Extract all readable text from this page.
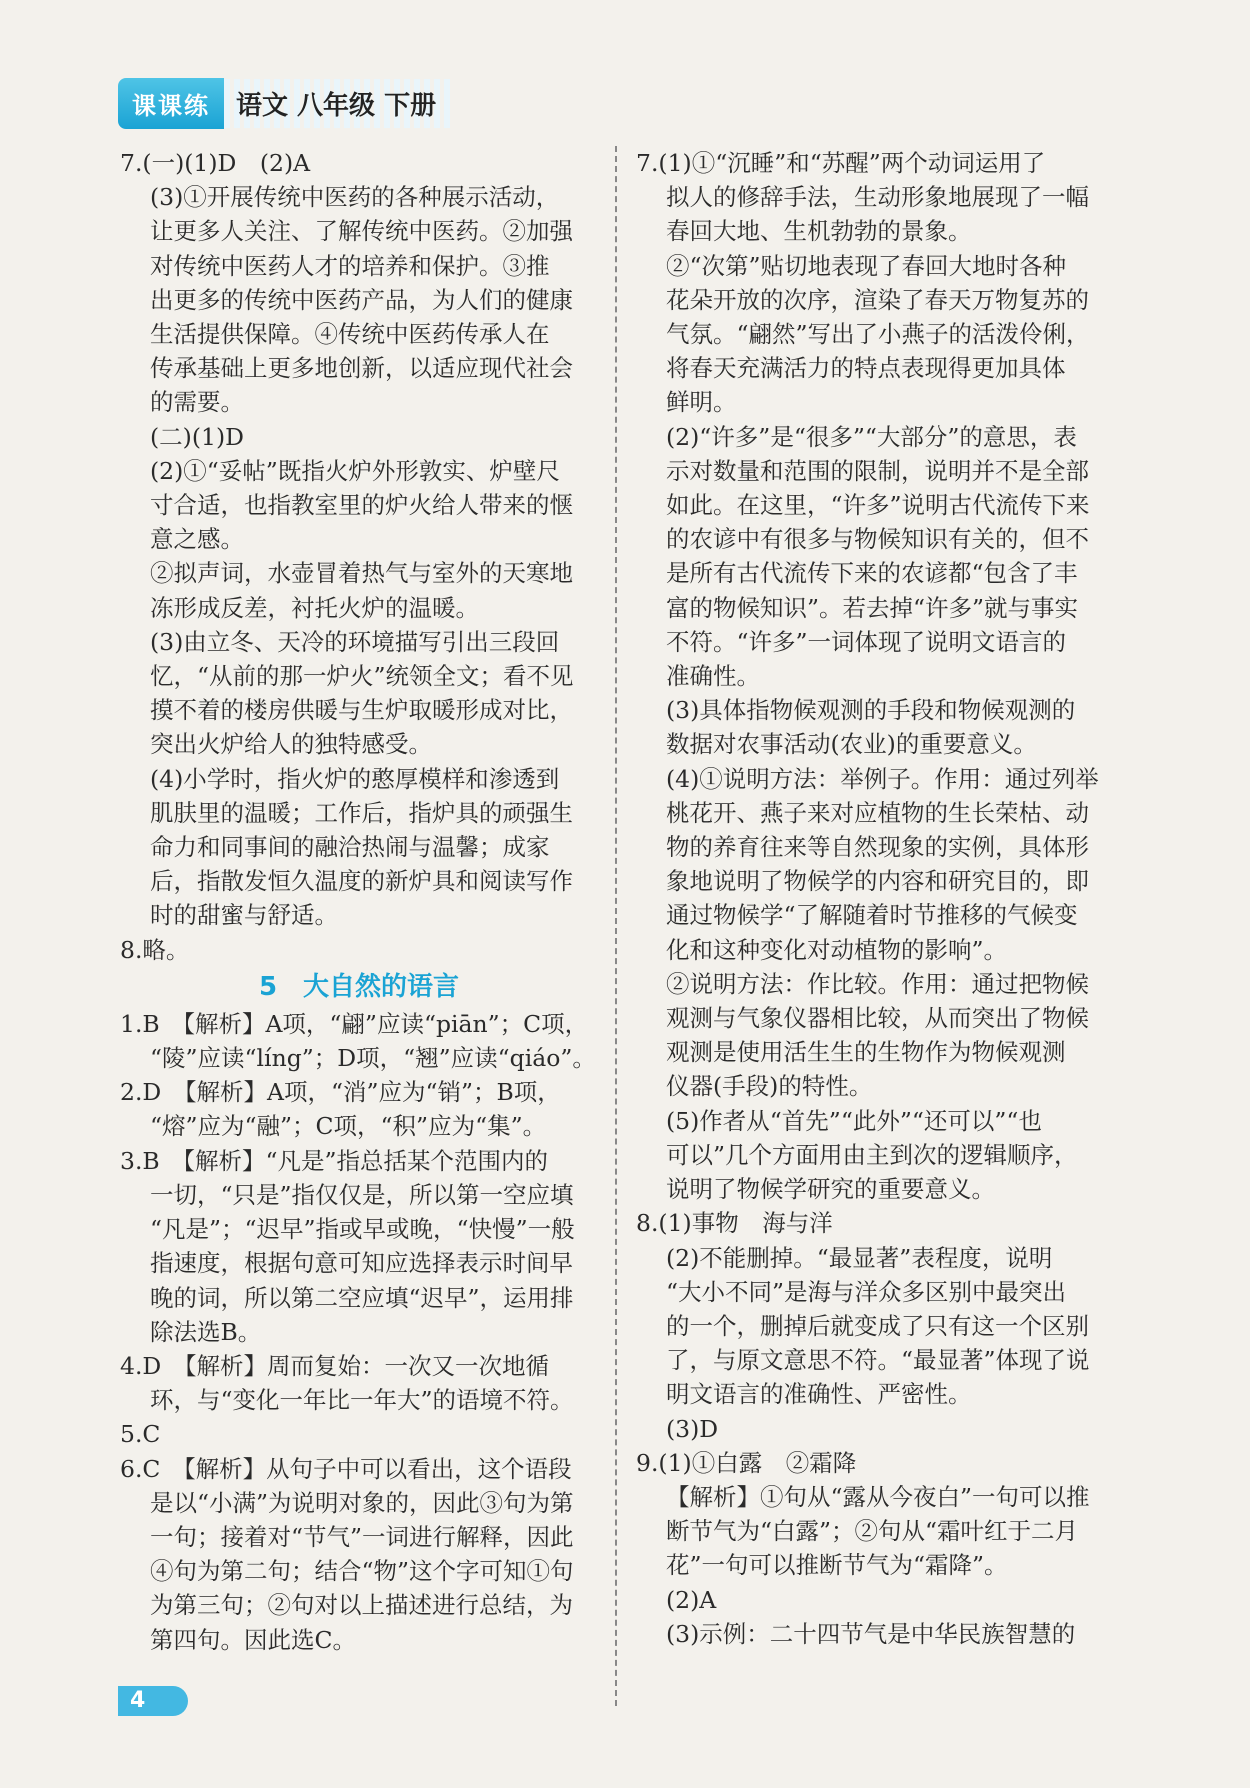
课课练	语文 八年级 下册
7.(一)(1)D　(2)A
(3)①开展传统中医药的各种展示活动，
让更多人关注、了解传统中医药。②加强
对传统中医药人才的培养和保护。③推
出更多的传统中医药产品，为人们的健康
生活提供保障。④传统中医药传承人在
传承基础上更多地创新，以适应现代社会
的需要。
(二)(1)D
(2)①“妥帖”既指火炉外形敦实、炉壁尺
寸合适，也指教室里的炉火给人带来的惬
意之感。
②拟声词，水壶冒着热气与室外的天寒地
冻形成反差，衬托火炉的温暖。
(3)由立冬、天冷的环境描写引出三段回
忆，“从前的那一炉火”统领全文；看不见
摸不着的楼房供暖与生炉取暖形成对比，
突出火炉给人的独特感受。
(4)小学时，指火炉的憨厚模样和渗透到
肌肤里的温暖；工作后，指炉具的顽强生
命力和同事间的融洽热闹与温馨；成家
后，指散发恒久温度的新炉具和阅读写作
时的甜蜜与舒适。
8.略。
5　大自然的语言
1.B　【解析】A项，“翩”应读“piān”；C项，
“陵”应读“líng”；D项，“翘”应读“qiáo”。
2.D　【解析】A项，“消”应为“销”；B项，
“熔”应为“融”；C项，“积”应为“集”。
3.B　【解析】“凡是”指总括某个范围内的
一切，“只是”指仅仅是，所以第一空应填
“凡是”；“迟早”指或早或晚，“快慢”一般
指速度，根据句意可知应选择表示时间早
晚的词，所以第二空应填“迟早”，运用排
除法选B。
4.D　【解析】周而复始：一次又一次地循
环，与“变化一年比一年大”的语境不符。
5.C
6.C　【解析】从句子中可以看出，这个语段
是以“小满”为说明对象的，因此③句为第
一句；接着对“节气”一词进行解释，因此
④句为第二句；结合“物”这个字可知①句
为第三句；②句对以上描述进行总结，为
第四句。因此选C。
7.(1)①“沉睡”和“苏醒”两个动词运用了
拟人的修辞手法，生动形象地展现了一幅
春回大地、生机勃勃的景象。
②“次第”贴切地表现了春回大地时各种
花朵开放的次序，渲染了春天万物复苏的
气氛。“翩然”写出了小燕子的活泼伶俐，
将春天充满活力的特点表现得更加具体
鲜明。
(2)“许多”是“很多”“大部分”的意思，表
示对数量和范围的限制，说明并不是全部
如此。在这里，“许多”说明古代流传下来
的农谚中有很多与物候知识有关的，但不
是所有古代流传下来的农谚都“包含了丰
富的物候知识”。若去掉“许多”就与事实
不符。“许多”一词体现了说明文语言的
准确性。
(3)具体指物候观测的手段和物候观测的
数据对农事活动(农业)的重要意义。
(4)①说明方法：举例子。作用：通过列举
桃花开、燕子来对应植物的生长荣枯、动
物的养育往来等自然现象的实例，具体形
象地说明了物候学的内容和研究目的，即
通过物候学“了解随着时节推移的气候变
化和这种变化对动植物的影响”。
②说明方法：作比较。作用：通过把物候
观测与气象仪器相比较，从而突出了物候
观测是使用活生生的生物作为物候观测
仪器(手段)的特性。
(5)作者从“首先”“此外”“还可以”“也
可以”几个方面用由主到次的逻辑顺序，
说明了物候学研究的重要意义。
8.(1)事物　海与洋
(2)不能删掉。“最显著”表程度，说明
“大小不同”是海与洋众多区别中最突出
的一个，删掉后就变成了只有这一个区别
了，与原文意思不符。“最显著”体现了说
明文语言的准确性、严密性。
(3)D
9.(1)①白露　②霜降
【解析】①句从“露从今夜白”一句可以推
断节气为“白露”；②句从“霜叶红于二月
花”一句可以推断节气为“霜降”。
(2)A
(3)示例：二十四节气是中华民族智慧的
4
